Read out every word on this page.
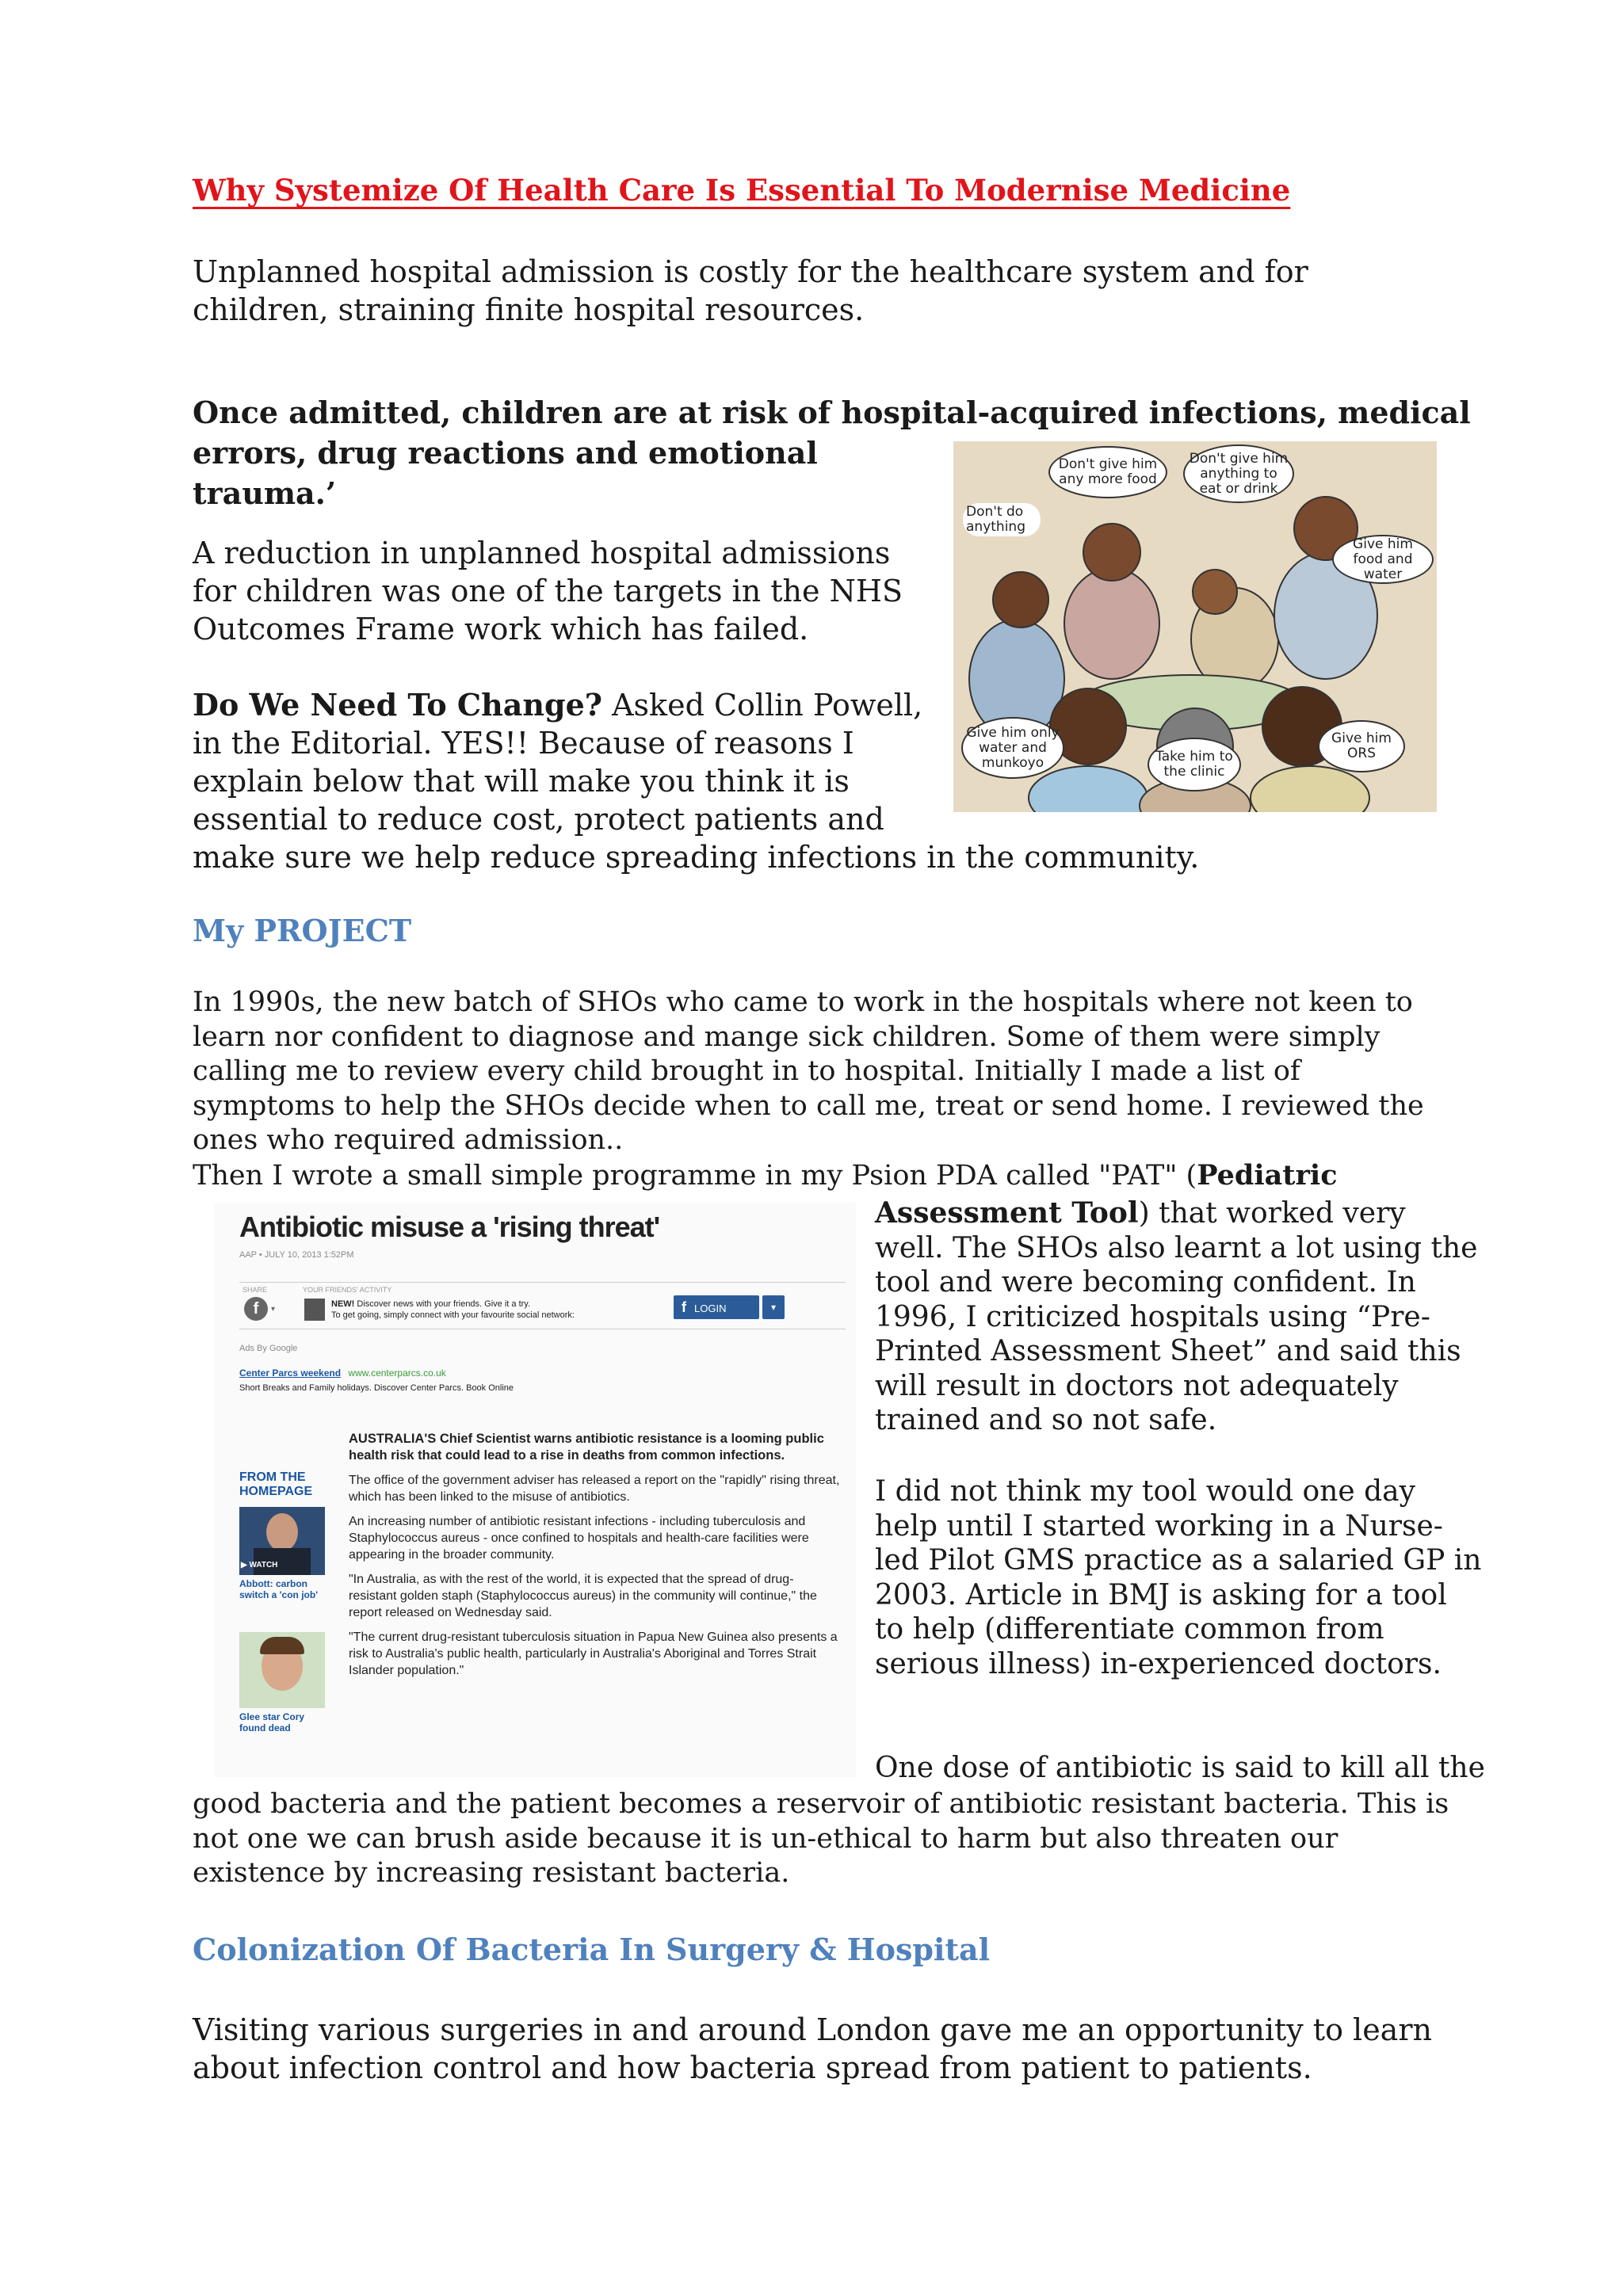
Why Systemize Of Health Care Is Essential To Modernise Medicine
Unplanned hospital admission is costly for the healthcare system and for
children, straining finite hospital resources.
Once admitted, children are at risk of hospital-acquired infections, medical
errors, drug reactions and emotional
trauma.’
A reduction in unplanned hospital admissions
for children was one of the targets in the NHS
Outcomes Frame work which has failed.
Do We Need To Change? Asked Collin Powell,
in the Editorial. YES!! Because of reasons I
explain below that will make you think it is
essential to reduce cost, protect patients and
make sure we help reduce spreading infections in the community.
Don't give him any more food
Don't give him anything to eat or drink
Don't do anything
Give him food and water
Give him only water and munkoyo	Take him to the clinic
Give him ORS
My PROJECT
In 1990s, the new batch of SHOs who came to work in the hospitals where not keen to
learn nor confident to diagnose and mange sick children. Some of them were simply
calling me to review every child brought in to hospital. Initially I made a list of
symptoms to help the SHOs decide when to call me, treat or send home. I reviewed the
ones who required admission..
Then I wrote a small simple programme in my Psion PDA called "PAT" (Pediatric
Assessment Tool) that worked very
well. The SHOs also learnt a lot using the
tool and were becoming confident. In
1996, I criticized hospitals using “Pre-
Printed Assessment Sheet” and said this
will result in doctors not adequately
trained and so not safe.
I did not think my tool would one day
help until I started working in a Nurse-
led Pilot GMS practice as a salaried GP in
2003. Article in BMJ is asking for a tool
to help (differentiate common from
serious illness) in-experienced doctors.
One dose of antibiotic is said to kill all the
good bacteria and the patient becomes a reservoir of antibiotic resistant bacteria. This is
not one we can brush aside because it is un-ethical to harm but also threaten our
existence by increasing resistant bacteria.
Colonization Of Bacteria In Surgery & Hospital
Visiting various surgeries in and around London gave me an opportunity to learn
about infection control and how bacteria spread from patient to patients.
Antibiotic misuse a 'rising threat'
AAP • JULY 10, 2013 1:52PM
SHARE
f	▾
YOUR FRIENDS' ACTIVITY
NEW! Discover news with your friends. Give it a try.
To get going, simply connect with your favourite social network:	f LOGIN	▾
Ads By Google
Center Parcs weekend www.centerparcs.co.uk
Short Breaks and Family holidays. Discover Center Parcs. Book Online
FROM THE HOMEPAGE
▶ WATCH
Abbott: carbon switch a 'con job'
Glee star Cory found dead

AUSTRALIA'S Chief Scientist warns antibiotic resistance is a looming public health risk that could lead to a rise in deaths from common infections.

The office of the government adviser has released a report on the "rapidly" rising threat, which has been linked to the misuse of antibiotics.

An increasing number of antibiotic resistant infections - including tuberculosis and Staphylococcus aureus - once confined to hospitals and health-care facilities were appearing in the broader community.

"In Australia, as with the rest of the world, it is expected that the spread of drug-resistant golden staph (Staphylococcus aureus) in the community will continue," the report released on Wednesday said.

"The current drug-resistant tuberculosis situation in Papua New Guinea also presents a risk to Australia's public health, particularly in Australia's Aboriginal and Torres Strait Islander population."
